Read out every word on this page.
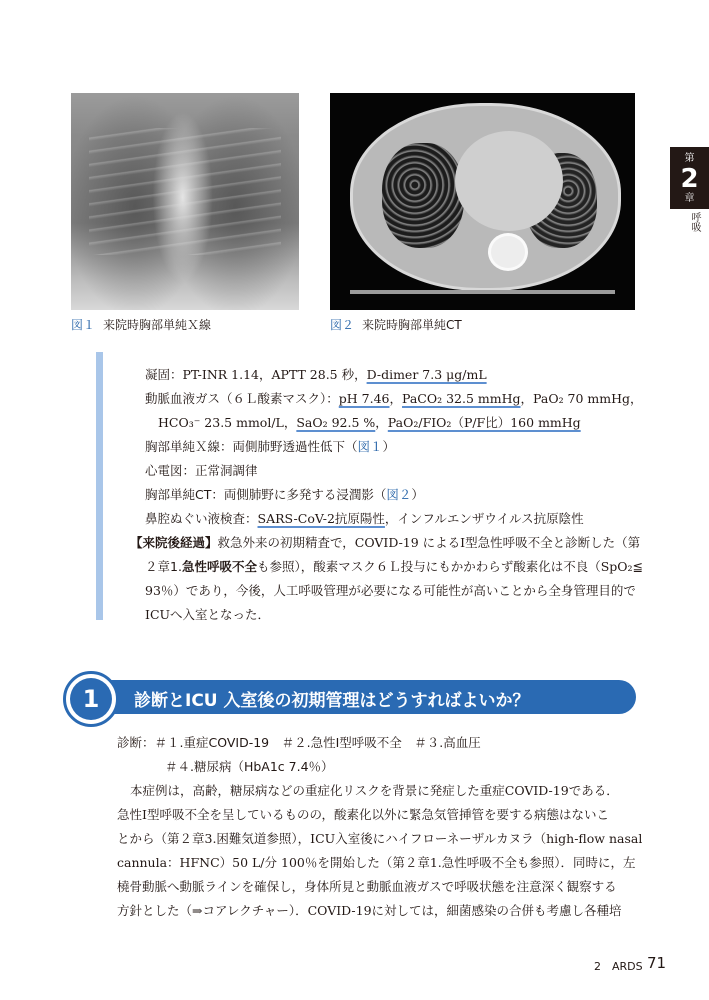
図１ 来院時胸部単純Ｘ線	図２ 来院時胸部単純CT
第
2
章
呼吸
凝固：PT-INR 1.14，APTT 28.5 秒，D-dimer 7.3 μg/mL
動脈血液ガス（６Ｌ酸素マスク）：pH 7.46，PaCO₂ 32.5 mmHg，PaO₂ 70 mmHg，
HCO₃⁻ 23.5 mmol/L，SaO₂ 92.5 %，PaO₂/FIO₂（P/F比）160 mmHg
胸部単純Ｘ線：両側肺野透過性低下（図１）
心電図：正常洞調律
胸部単純CT：両側肺野に多発する浸潤影（図２）
鼻腔ぬぐい液検査：SARS-CoV-2抗原陽性，インフルエンザウイルス抗原陰性
【来院後経過】救急外来の初期精査で，COVID-19 によるⅠ型急性呼吸不全と診断した（第
２章1.急性呼吸不全も参照），酸素マスク６Ｌ投与にもかかわらず酸素化は不良（SpO₂≦
93％）であり，今後，人工呼吸管理が必要になる可能性が高いことから全身管理目的で
ICUへ入室となった．
診断とICU 入室後の初期管理はどうすればよいか？
1
診断：＃１.重症COVID-19　＃２.急性Ⅰ型呼吸不全　＃３.高血圧
＃４.糖尿病（HbA1c 7.4％）
本症例は，高齢，糖尿病などの重症化リスクを背景に発症した重症COVID-19である．
急性Ⅰ型呼吸不全を呈しているものの，酸素化以外に緊急気管挿管を要する病態はないこ
とから（第２章3.困難気道参照），ICU入室後にハイフローネーザルカヌラ（high-flow nasal
cannula：HFNC）50 L/分 100％を開始した（第２章1.急性呼吸不全も参照）．同時に，左
橈骨動脈へ動脈ラインを確保し，身体所見と動脈血液ガスで呼吸状態を注意深く観察する
方針とした（⇒コアレクチャー）．COVID-19に対しては，細菌感染の合併も考慮し各種培
2　ARDS 71
